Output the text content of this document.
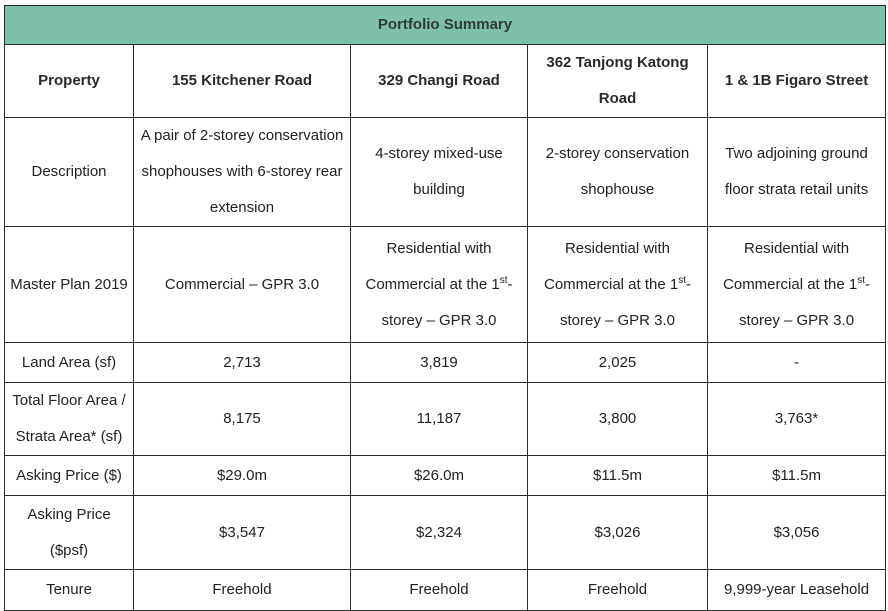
Portfolio Summary				
Property	155 Kitchener Road	329 Changi Road	362 Tanjong Katong Road	1 & 1B Figaro Street
Description	A pair of 2-storey conservation shophouses with 6-storey rear extension	4-storey mixed-use building	2-storey conservation shophouse	Two adjoining ground floor strata retail units
Master Plan 2019	Commercial – GPR 3.0	Residential with Commercial at the 1st-storey – GPR 3.0	Residential with Commercial at the 1st-storey – GPR 3.0	Residential with Commercial at the 1st-storey – GPR 3.0
Land Area (sf)	2,713	3,819	2,025	-
Total Floor Area / Strata Area* (sf)	8,175	11,187	3,800	3,763*
Asking Price ($)	$29.0m	$26.0m	$11.5m	$11.5m
Asking Price ($psf)	$3,547	$2,324	$3,026	$3,056
Tenure	Freehold	Freehold	Freehold	9,999-year Leasehold
